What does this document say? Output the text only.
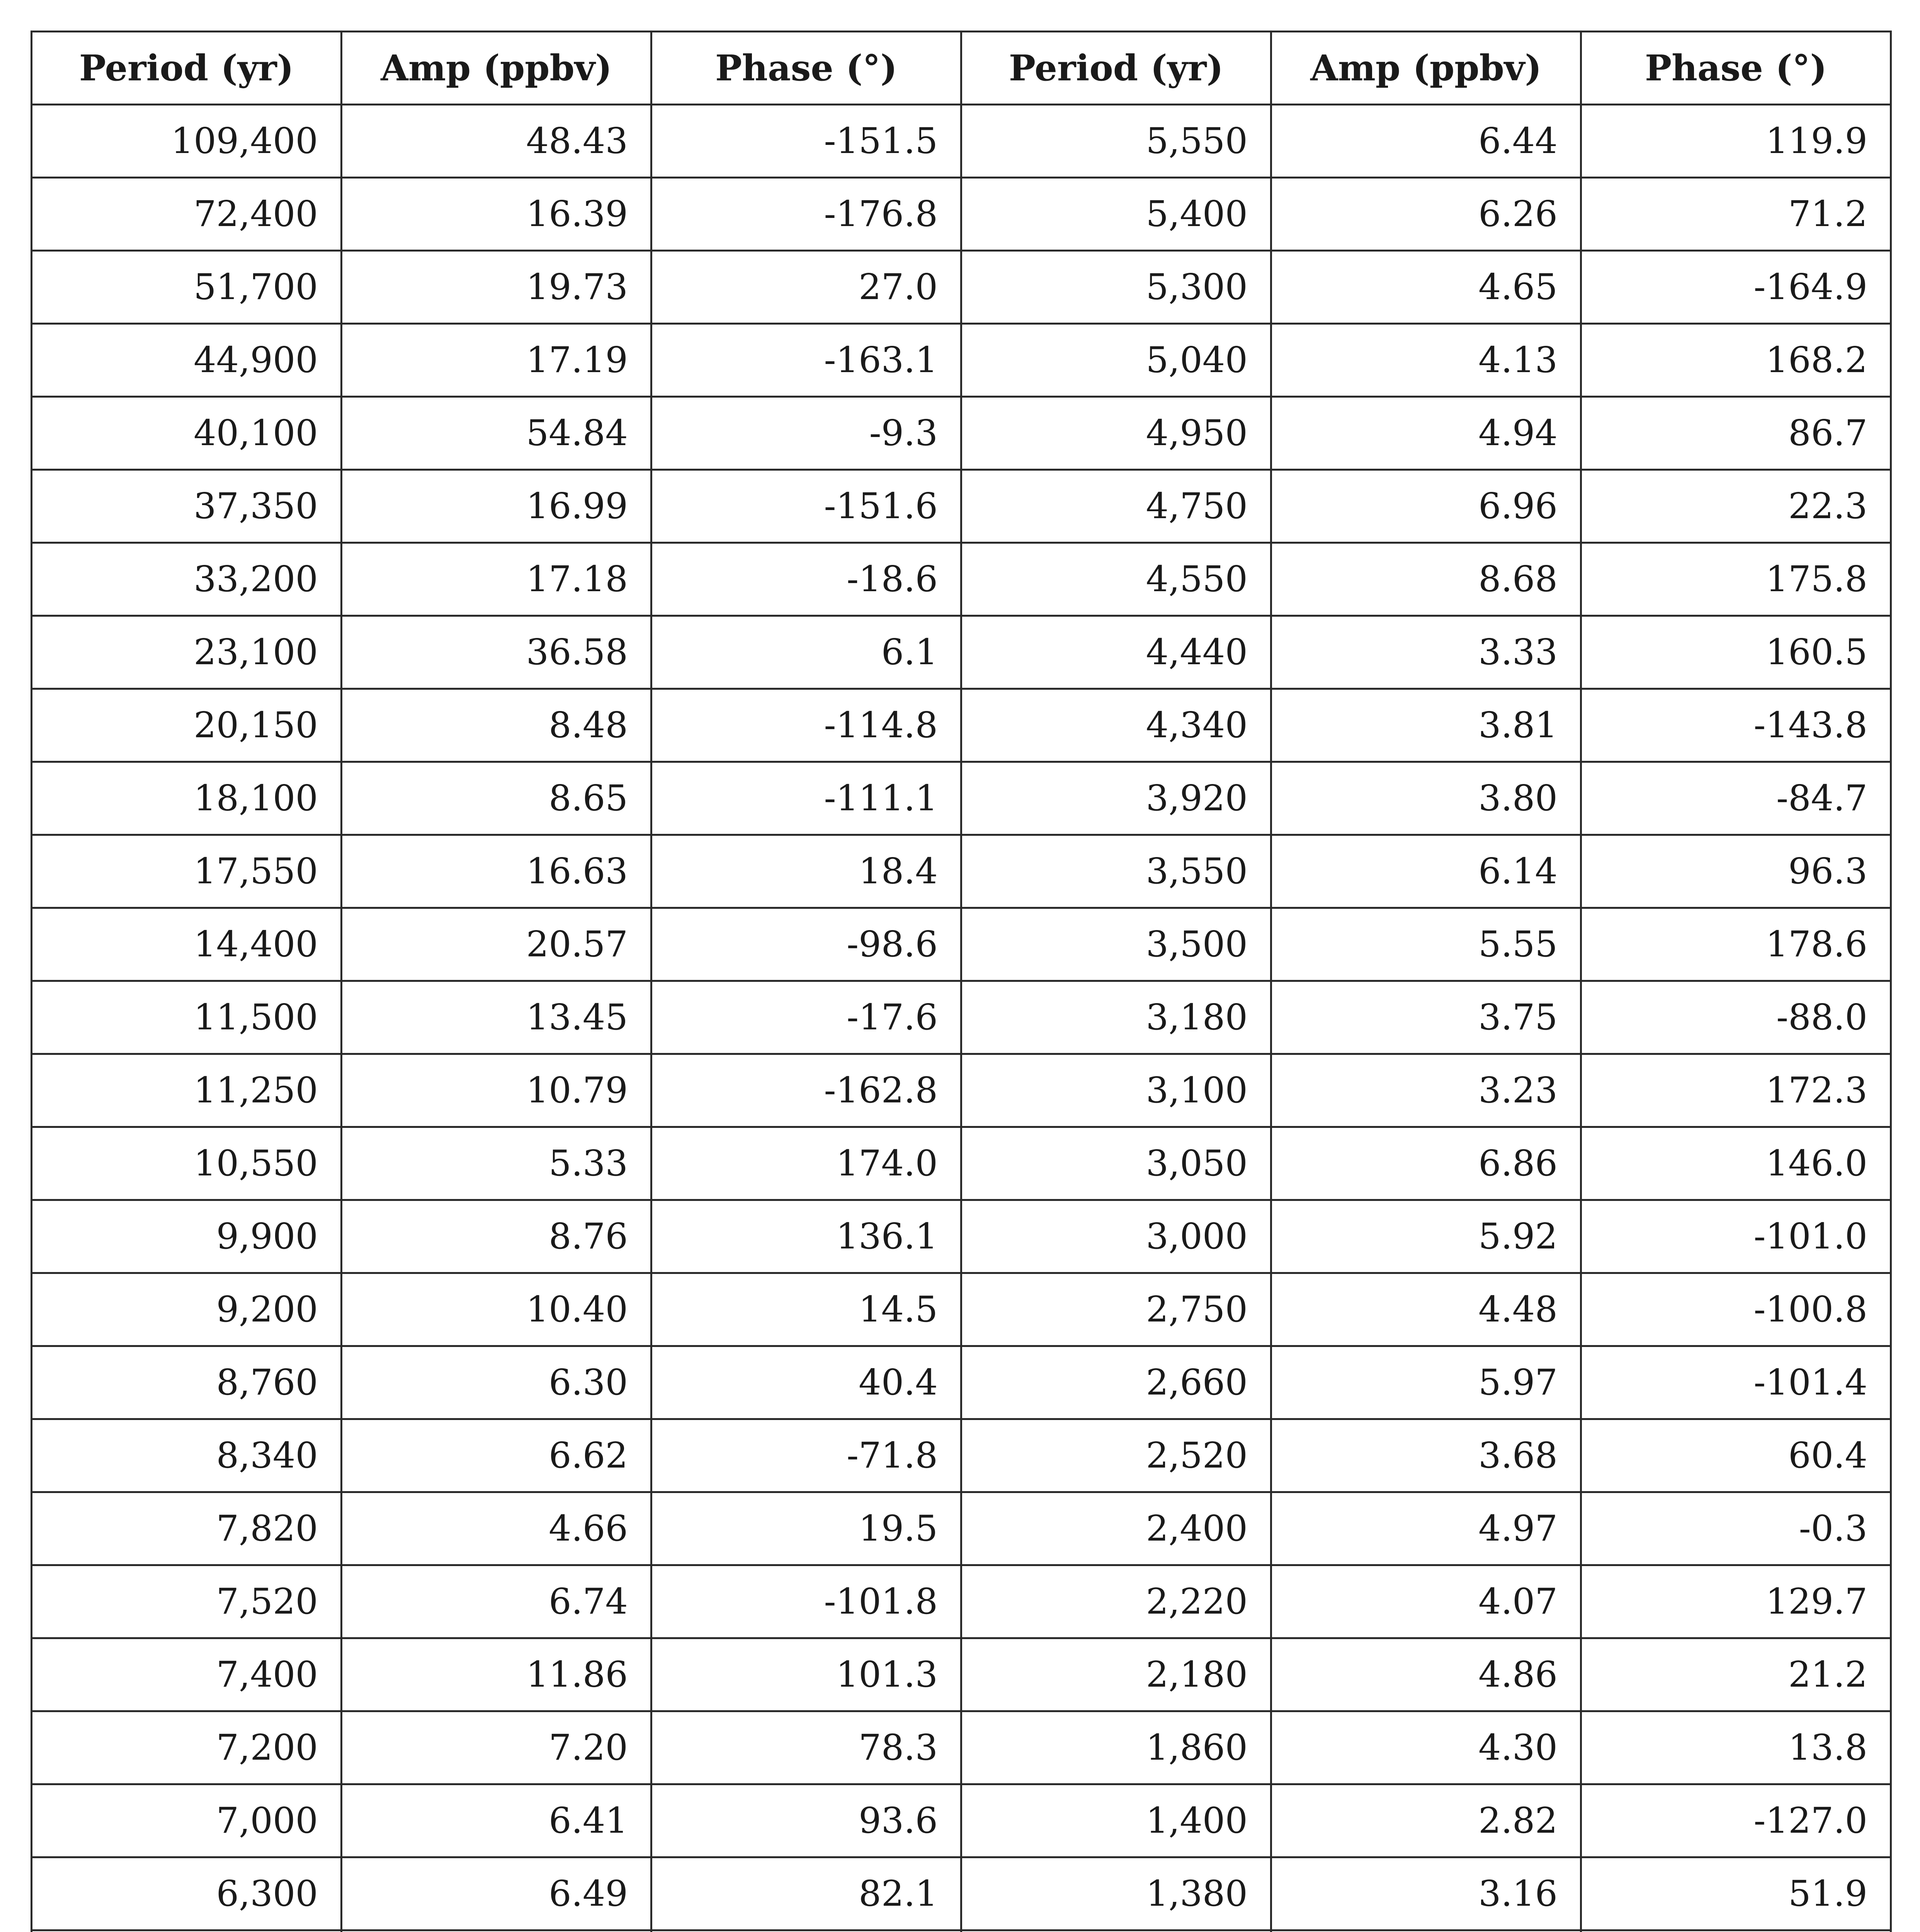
Period (yr)	Amp (ppbv)	Phase (°)	Period (yr)	Amp (ppbv)	Phase (°)
109,400	48.43	-151.5	5,550	6.44	119.9
72,400	16.39	-176.8	5,400	6.26	71.2
51,700	19.73	27.0	5,300	4.65	-164.9
44,900	17.19	-163.1	5,040	4.13	168.2
40,100	54.84	-9.3	4,950	4.94	86.7
37,350	16.99	-151.6	4,750	6.96	22.3
33,200	17.18	-18.6	4,550	8.68	175.8
23,100	36.58	6.1	4,440	3.33	160.5
20,150	8.48	-114.8	4,340	3.81	-143.8
18,100	8.65	-111.1	3,920	3.80	-84.7
17,550	16.63	18.4	3,550	6.14	96.3
14,400	20.57	-98.6	3,500	5.55	178.6
11,500	13.45	-17.6	3,180	3.75	-88.0
11,250	10.79	-162.8	3,100	3.23	172.3
10,550	5.33	174.0	3,050	6.86	146.0
9,900	8.76	136.1	3,000	5.92	-101.0
9,200	10.40	14.5	2,750	4.48	-100.8
8,760	6.30	40.4	2,660	5.97	-101.4
8,340	6.62	-71.8	2,520	3.68	60.4
7,820	4.66	19.5	2,400	4.97	-0.3
7,520	6.74	-101.8	2,220	4.07	129.7
7,400	11.86	101.3	2,180	4.86	21.2
7,200	7.20	78.3	1,860	4.30	13.8
7,000	6.41	93.6	1,400	2.82	-127.0
6,300	6.49	82.1	1,380	3.16	51.9
